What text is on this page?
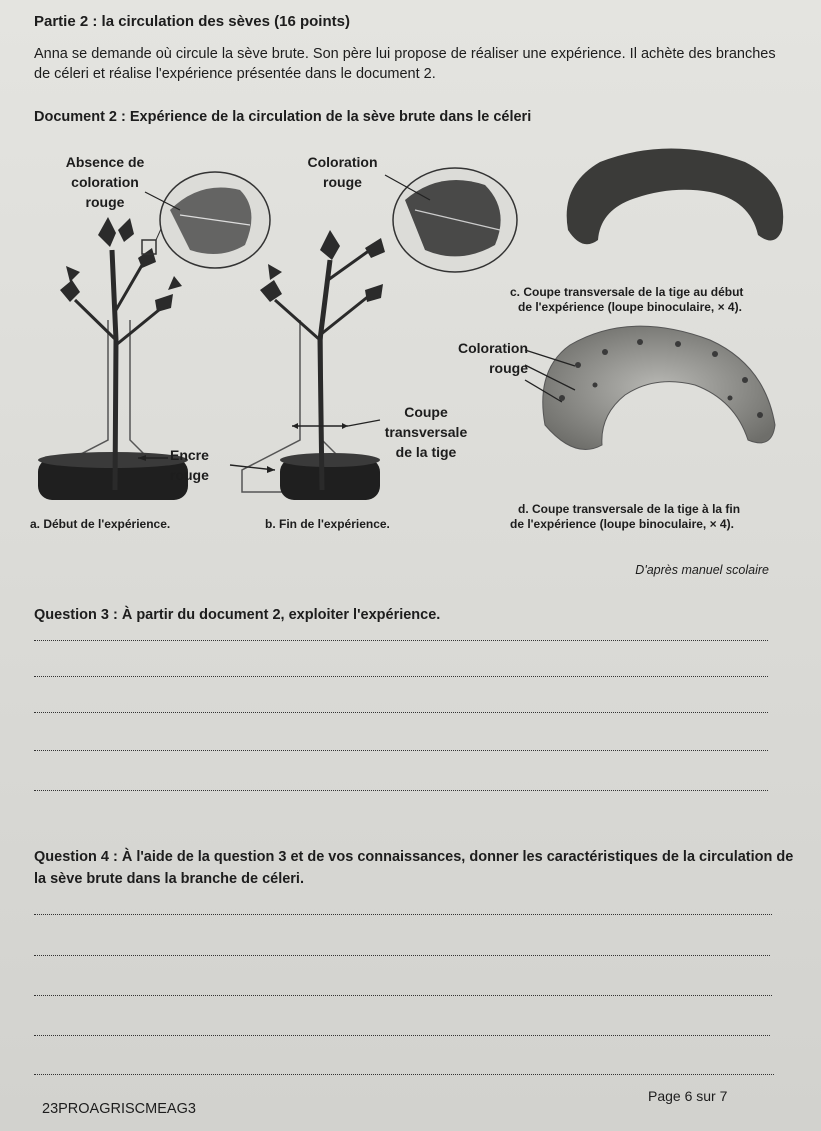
Partie 2 : la circulation des sèves (16 points)
Anna se demande où circule la sève brute. Son père lui propose de réaliser une expérience. Il achète des branches de céleri et réalise l'expérience présentée dans le document 2.
Document 2 : Expérience de la circulation de la sève brute dans le céleri
Absence de
coloration
rouge
Coloration
rouge
Encre
rouge
Coloration
rouge
Coupe
transversale
de la tige
a. Début de l'expérience.	b. Fin de l'expérience.
c. Coupe transversale de la tige au début
de l'expérience (loupe binoculaire, × 4).
d. Coupe transversale de la tige à la fin
de l'expérience (loupe binoculaire, × 4).
D'après manuel scolaire
Question 3 : À partir du document 2, exploiter l'expérience.
Question 4 : À l'aide de la question 3 et de vos connaissances, donner les caractéristiques de la circulation de la sève brute dans la branche de céleri.
23PROAGRISCMEAG3
Page 6 sur 7
